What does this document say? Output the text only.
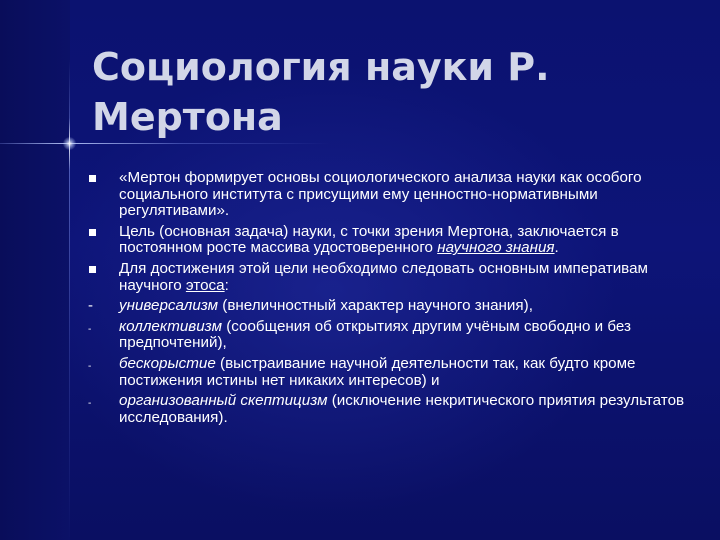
Социология науки Р. Мертона
«Мертон формирует основы социологического анализа науки как особого социального института с присущими ему ценностно-нормативными регулятивами».
Цель (основная задача) науки, с точки зрения Мертона, заключается в постоянном росте массива удостоверенного научного знания.
Для достижения этой цели необходимо следовать основным императивам научного этоса:
-	универсализм (внеличностный характер научного знания),
-	коллективизм (сообщения об открытиях другим учёным свободно и без предпочтений),
-	бескорыстие (выстраивание научной деятельности так, как будто кроме постижения истины нет никаких интересов) и
-	организованный скептицизм (исключение некритического приятия результатов исследования).
